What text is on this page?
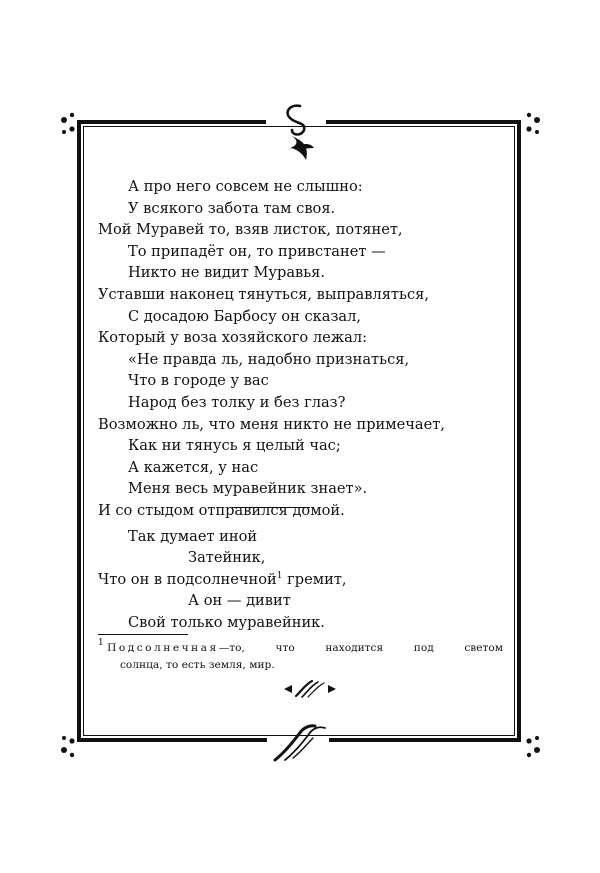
А про него совсем не слышно:
У всякого забота там своя.
Мой Муравей то, взяв листок, потянет,
То припадёт он, то привстанет —
Никто не видит Муравья.
Уставши наконец тянуться, выправляться,
С досадою Барбосу он сказал,
Который у воза хозяйского лежал:
«Не правда ль, надобно признаться,
Что в городе у вас
Народ без толку и без глаз?
Возможно ль, что меня никто не примечает,
Как ни тянусь я целый час;
А кажется, у нас
Меня весь муравейник знает».
И со стыдом отправился домой.
Так думает иной
Затейник,
Что он в подсолнечной$^1$ гремит,
А он — дивит
Свой только муравейник.
$^1$ Подсолнечная—то,	что	находится	под	светом
солнца, то есть земля, мир.
